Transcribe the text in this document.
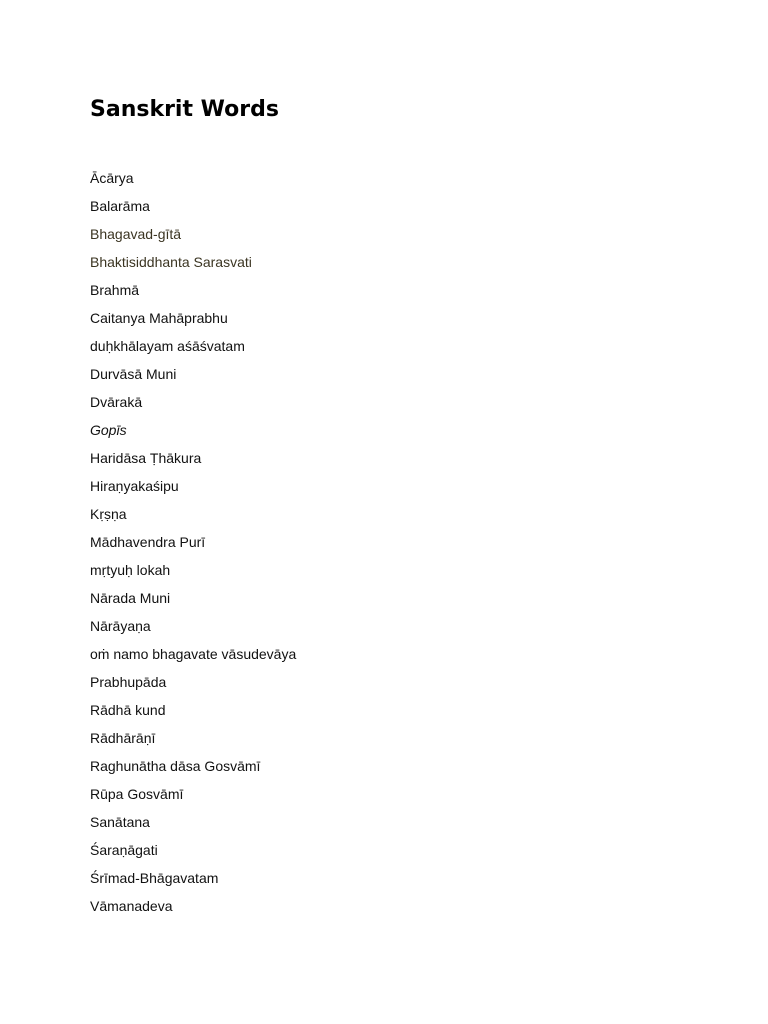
Sanskrit Words
Ācārya
Balarāma
Bhagavad-gītā
Bhaktisiddhanta Sarasvati
Brahmā
Caitanya Mahāprabhu
duḥkhālayam aśāśvatam
Durvāsā Muni
Dvārakā
Gopīs
Haridāsa Ṭhākura
Hiraṇyakaśipu
Kṛṣṇa
Mādhavendra Purī
mṛtyuḥ lokah
Nārada Muni
Nārāyaṇa
oṁ namo bhagavate vāsudevāya
Prabhupāda
Rādhā kund
Rādhārāṇī
Raghunātha dāsa Gosvāmī
Rūpa Gosvāmī
Sanātana
Śaraṇāgati
Śrīmad-Bhāgavatam
Vāmanadeva
